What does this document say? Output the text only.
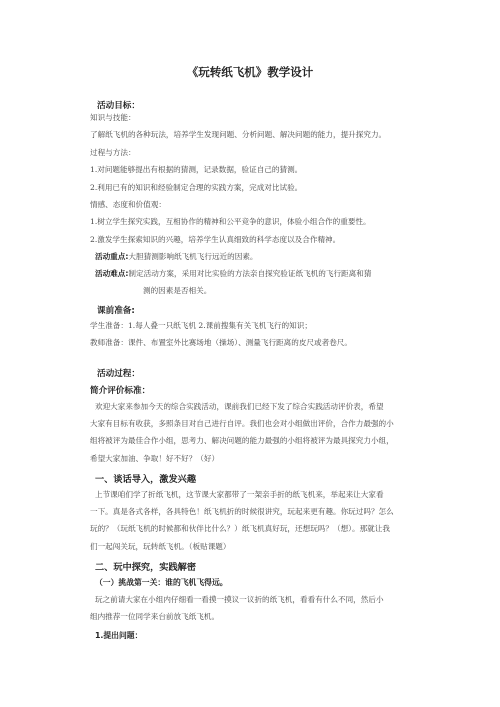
《玩转纸飞机》教学设计
活动目标：
知识与技能：
了解纸飞机的各种玩法，培养学生发现问题、分析问题、解决问题的能力，提升探究力。
过程与方法：
1.对问题能够提出有根据的猜测，记录数据，验证自己的猜测。
2.利用已有的知识和经验制定合理的实践方案，完成对比试验。
情感、态度和价值观：
1.树立学生探究实践，互相协作的精神和公平竞争的意识，体验小组合作的重要性。
2.激发学生探索知识的兴趣，培养学生认真细致的科学态度以及合作精神。
活动重点:大胆猜测影响纸飞机飞行远近的因素。
活动难点:制定活动方案，采用对比实验的方法亲自探究验证纸飞机的飞行距离和猜
测的因素是否相关。
课前准备:
学生准备：1.每人叠一只纸飞机 2.课前搜集有关飞机飞行的知识；
教师准备：课件、布置室外比赛场地（操场）、测量飞行距离的皮尺或者卷尺。
活动过程：
简介评价标准：
欢迎大家来参加今天的综合实践活动，课前我们已经下发了综合实践活动评价表，希望
大家有目标有收获，多照条目对自己进行自评。我们也会对小组做出评价，合作力最强的小
组将被评为最佳合作小组，思考力、解决问题的能力最强的小组将被评为最具探究力小组，
希望大家加油、争取！好不好？（好）
一、谈话导入，激发兴趣
上节课咱们学了折纸飞机，这节课大家都带了一架亲手折的纸飞机来，举起来让大家看
一下。真是各式各样，各具特色！纸飞机折的时候很讲究，玩起来更有趣。你玩过吗？怎么
玩的？（玩纸飞机的时候都和伙伴比什么？）纸飞机真好玩，还想玩吗？（想）。那就让我
们一起闯关玩，玩转纸飞机。（板贴课题）
二、玩中探究，实践解密
（一）挑战第一关：谁的飞机飞得远。
玩之前请大家在小组内仔细看一看摸一摸议一议折的纸飞机，看看有什么不同，然后小
组内推荐一位同学来台前放飞纸飞机。
1.提出问题：
